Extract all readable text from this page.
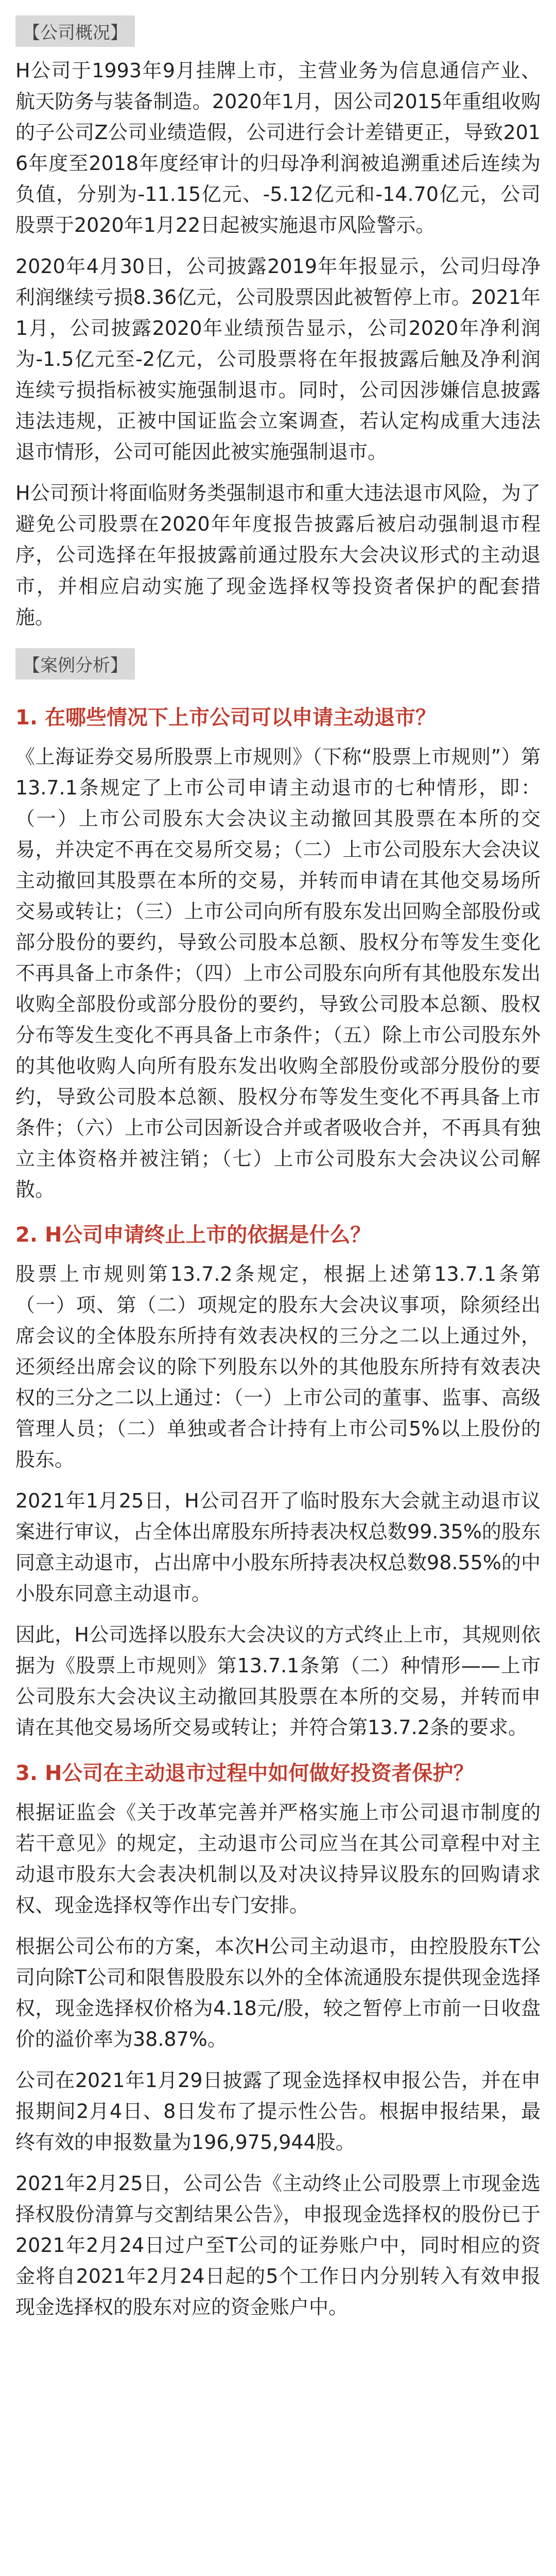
【公司概况】

H公司于1993年9月挂牌上市，主营业务为信息通信产业、航天防务与装备制造。2020年1月，因公司2015年重组收购的子公司Z公司业绩造假，公司进行会计差错更正，导致2016年度至2018年度经审计的归母净利润被追溯重述后连续为负值，分别为-11.15亿元、-5.12亿元和-14.70亿元，公司股票于2020年1月22日起被实施退市风险警示。

2020年4月30日，公司披露2019年年报显示，公司归母净利润继续亏损8.36亿元，公司股票因此被暂停上市。2021年1月，公司披露2020年业绩预告显示，公司2020年净利润为-1.5亿元至-2亿元，公司股票将在年报披露后触及净利润连续亏损指标被实施强制退市。同时，公司因涉嫌信息披露违法违规，正被中国证监会立案调查，若认定构成重大违法退市情形，公司可能因此被实施强制退市。

H公司预计将面临财务类强制退市和重大违法退市风险，为了避免公司股票在2020年年度报告披露后被启动强制退市程序，公司选择在年报披露前通过股东大会决议形式的主动退市，并相应启动实施了现金选择权等投资者保护的配套措施。

【案例分析】
1. 在哪些情况下上市公司可以申请主动退市？

《上海证券交易所股票上市规则》（下称“股票上市规则”）第13.7.1条规定了上市公司申请主动退市的七种情形，即：（一）上市公司股东大会决议主动撤回其股票在本所的交易，并决定不再在交易所交易；（二）上市公司股东大会决议主动撤回其股票在本所的交易，并转而申请在其他交易场所交易或转让；（三）上市公司向所有股东发出回购全部股份或部分股份的要约，导致公司股本总额、股权分布等发生变化不再具备上市条件；（四）上市公司股东向所有其他股东发出收购全部股份或部分股份的要约，导致公司股本总额、股权分布等发生变化不再具备上市条件；（五）除上市公司股东外的其他收购人向所有股东发出收购全部股份或部分股份的要约，导致公司股本总额、股权分布等发生变化不再具备上市条件；（六）上市公司因新设合并或者吸收合并，不再具有独立主体资格并被注销；（七）上市公司股东大会决议公司解散。

2. H公司申请终止上市的依据是什么？

股票上市规则第13.7.2条规定，根据上述第13.7.1条第（一）项、第（二）项规定的股东大会决议事项，除须经出席会议的全体股东所持有效表决权的三分之二以上通过外，还须经出席会议的除下列股东以外的其他股东所持有效表决权的三分之二以上通过：（一）上市公司的董事、监事、高级管理人员；（二）单独或者合计持有上市公司5%以上股份的股东。

2021年1月25日，H公司召开了临时股东大会就主动退市议案进行审议，占全体出席股东所持表决权总数99.35%的股东同意主动退市，占出席中小股东所持表决权总数98.55%的中小股东同意主动退市。

因此，H公司选择以股东大会决议的方式终止上市，其规则依据为《股票上市规则》第13.7.1条第（二）种情形——上市公司股东大会决议主动撤回其股票在本所的交易，并转而申请在其他交易场所交易或转让；并符合第13.7.2条的要求。

3. H公司在主动退市过程中如何做好投资者保护？

根据证监会《关于改革完善并严格实施上市公司退市制度的若干意见》的规定，主动退市公司应当在其公司章程中对主动退市股东大会表决机制以及对决议持异议股东的回购请求权、现金选择权等作出专门安排。

根据公司公布的方案，本次H公司主动退市，由控股股东T公司向除T公司和限售股股东以外的全体流通股东提供现金选择权，现金选择权价格为4.18元/股，较之暂停上市前一日收盘价的溢价率为38.87%。

公司在2021年1月29日披露了现金选择权申报公告，并在申报期间2月4日、8日发布了提示性公告。根据申报结果，最终有效的申报数量为196,975,944股。

2021年2月25日，公司公告《主动终止公司股票上市现金选择权股份清算与交割结果公告》，申报现金选择权的股份已于2021年2月24日过户至T公司的证券账户中，同时相应的资金将自2021年2月24日起的5个工作日内分别转入有效申报现金选择权的股东对应的资金账户中。
